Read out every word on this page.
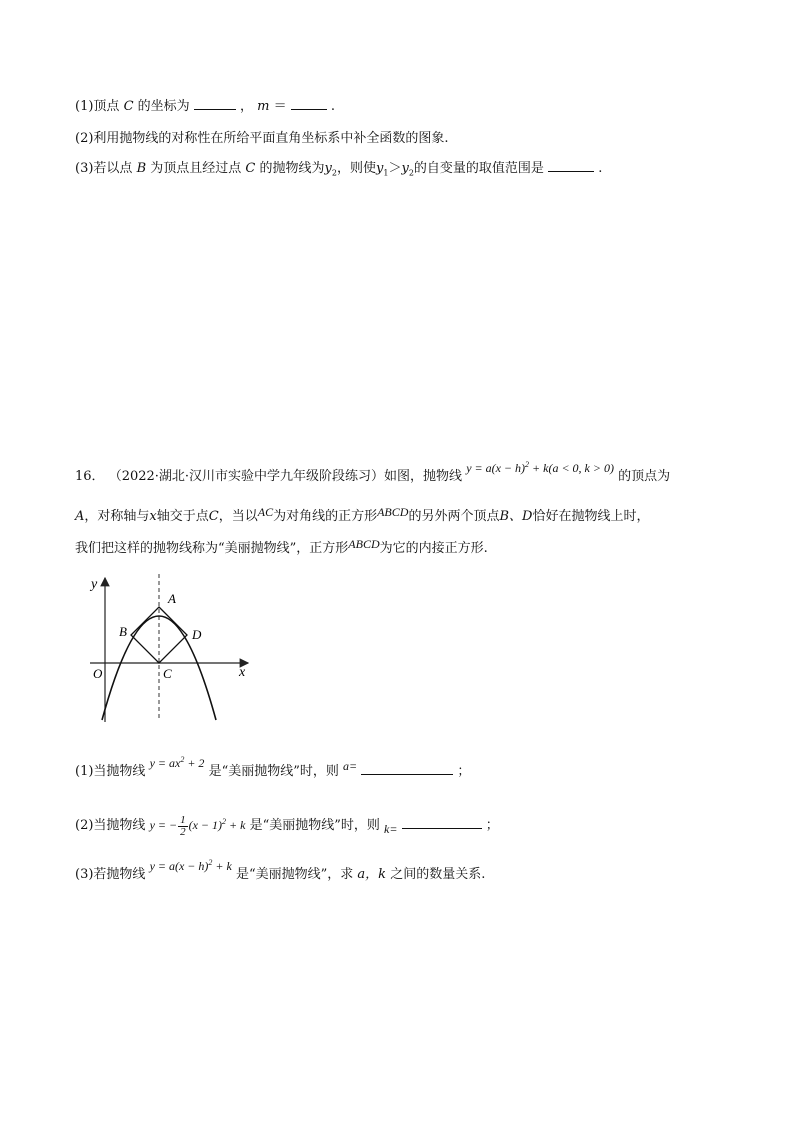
(1)顶点 C 的坐标为	， m ＝	.
(2)利用抛物线的对称性在所给平面直角坐标系中补全函数的图象.
(3)若以点 B 为顶点且经过点 C 的抛物线为$y_2$，则使$y_1>y_2$的自变量的取值范围是	.
16． （2022·湖北·汉川市实验中学九年级阶段练习）如图，抛物线 $y = a(x - h)^2 + k(a < 0$, k > 0) 的顶点为
A，对称轴与x轴交于点C，当以AC为对角线的正方形ABCD的另外两个顶点B、D恰好在抛物线上时，
我们把这样的抛物线称为“美丽抛物线”，正方形ABCD为它的内接正方形.
y
x
O
A
B
C
D
(1)当抛物线 $y = ax^2 + 2$ 是“美丽抛物线”时，则 a=	；
(2)当抛物线 y = − $\frac{1}{2} (x - 1)^2 + k$ 是“美丽抛物线”时，则 k=	；
(3)若抛物线 $y = a(x - h)^2 + k$ 是“美丽抛物线”，求 a，k 之间的数量关系.
